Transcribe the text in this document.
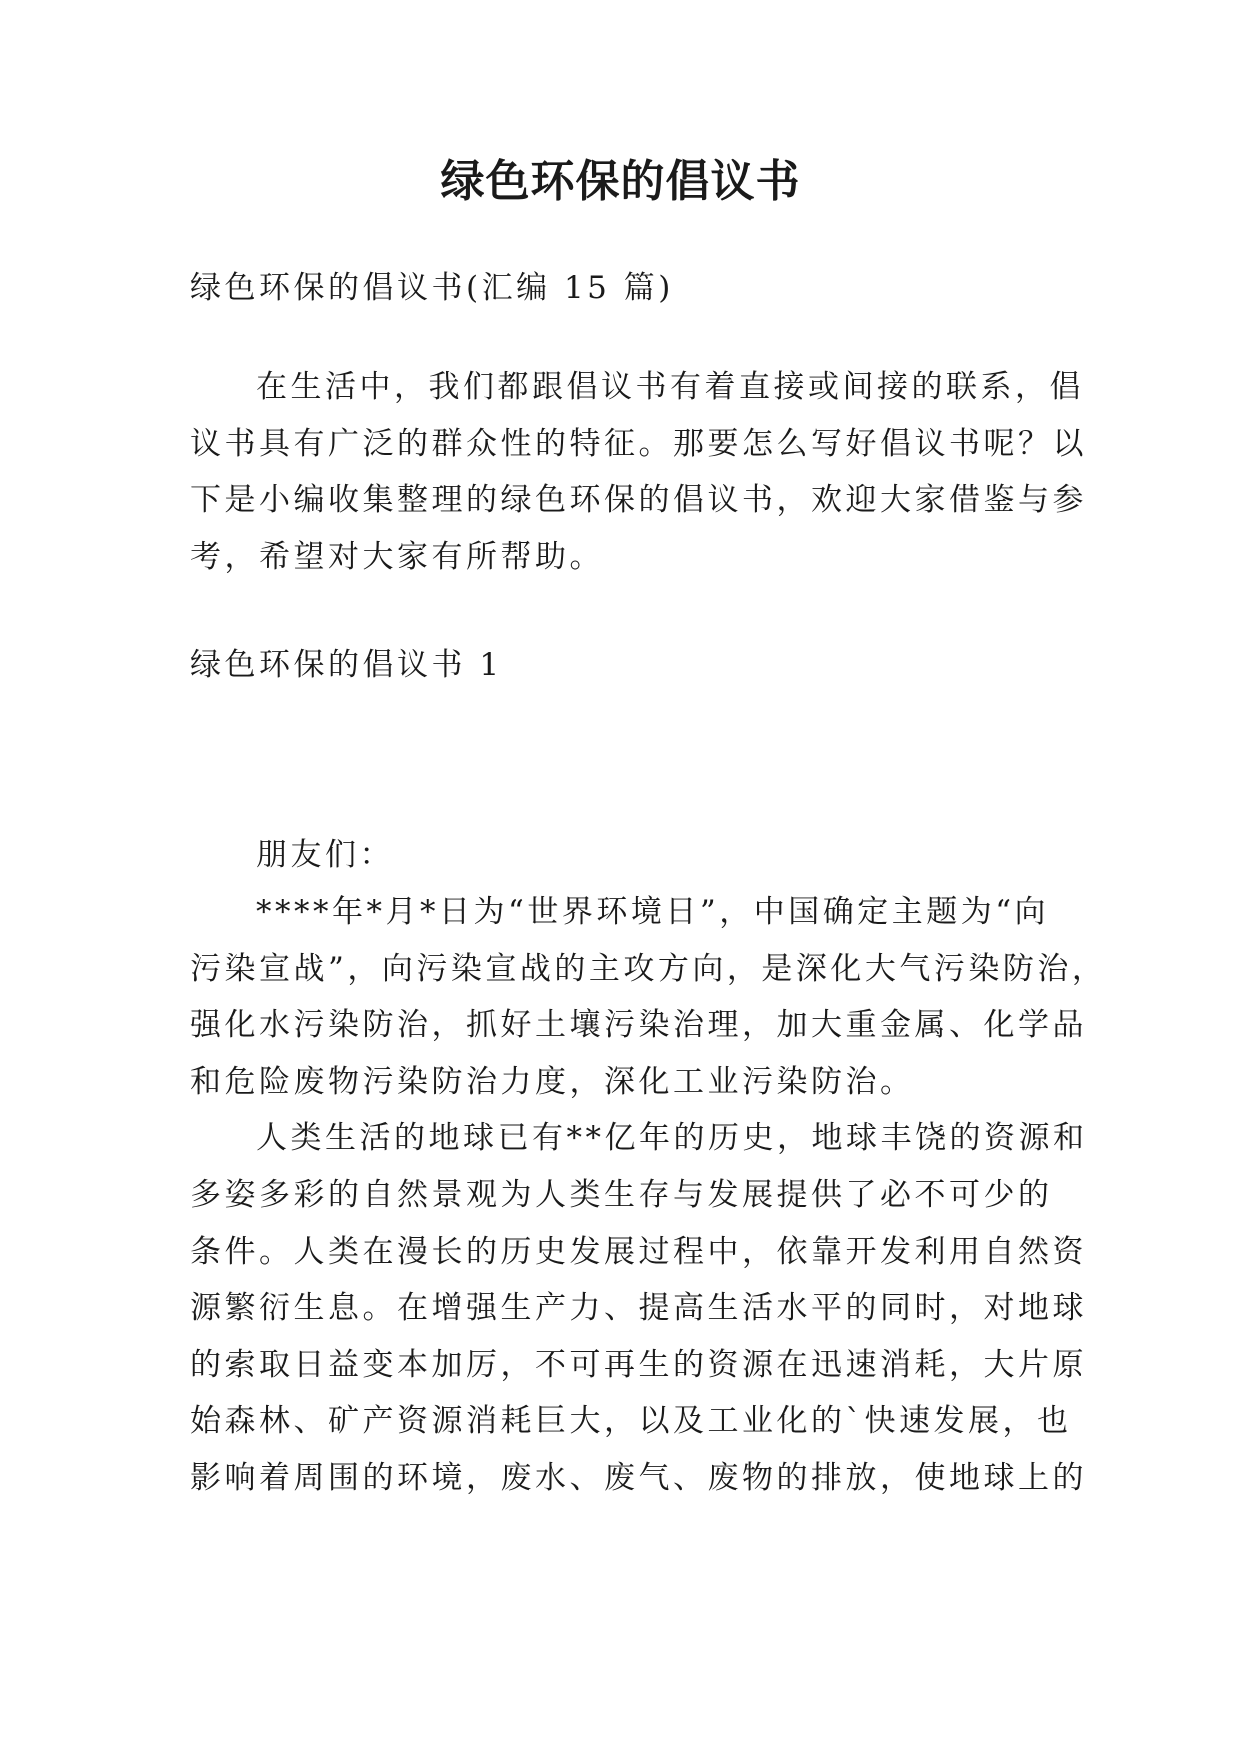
绿色环保的倡议书

绿色环保的倡议书(汇编 15 篇)

在生活中，我们都跟倡议书有着直接或间接的联系，倡

议书具有广泛的群众性的特征。那要怎么写好倡议书呢？以

下是小编收集整理的绿色环保的倡议书，欢迎大家借鉴与参

考，希望对大家有所帮助。

绿色环保的倡议书 1

朋友们：

****年*月*日为“世界环境日”，中国确定主题为“向

污染宣战”，向污染宣战的主攻方向，是深化大气污染防治，

强化水污染防治，抓好土壤污染治理，加大重金属、化学品

和危险废物污染防治力度，深化工业污染防治。

人类生活的地球已有**亿年的历史，地球丰饶的资源和

多姿多彩的自然景观为人类生存与发展提供了必不可少的

条件。人类在漫长的历史发展过程中，依靠开发利用自然资

源繁衍生息。在增强生产力、提高生活水平的同时，对地球

的索取日益变本加厉，不可再生的资源在迅速消耗，大片原

始森林、矿产资源消耗巨大，以及工业化的`快速发展，也

影响着周围的环境，废水、废气、废物的排放，使地球上的
